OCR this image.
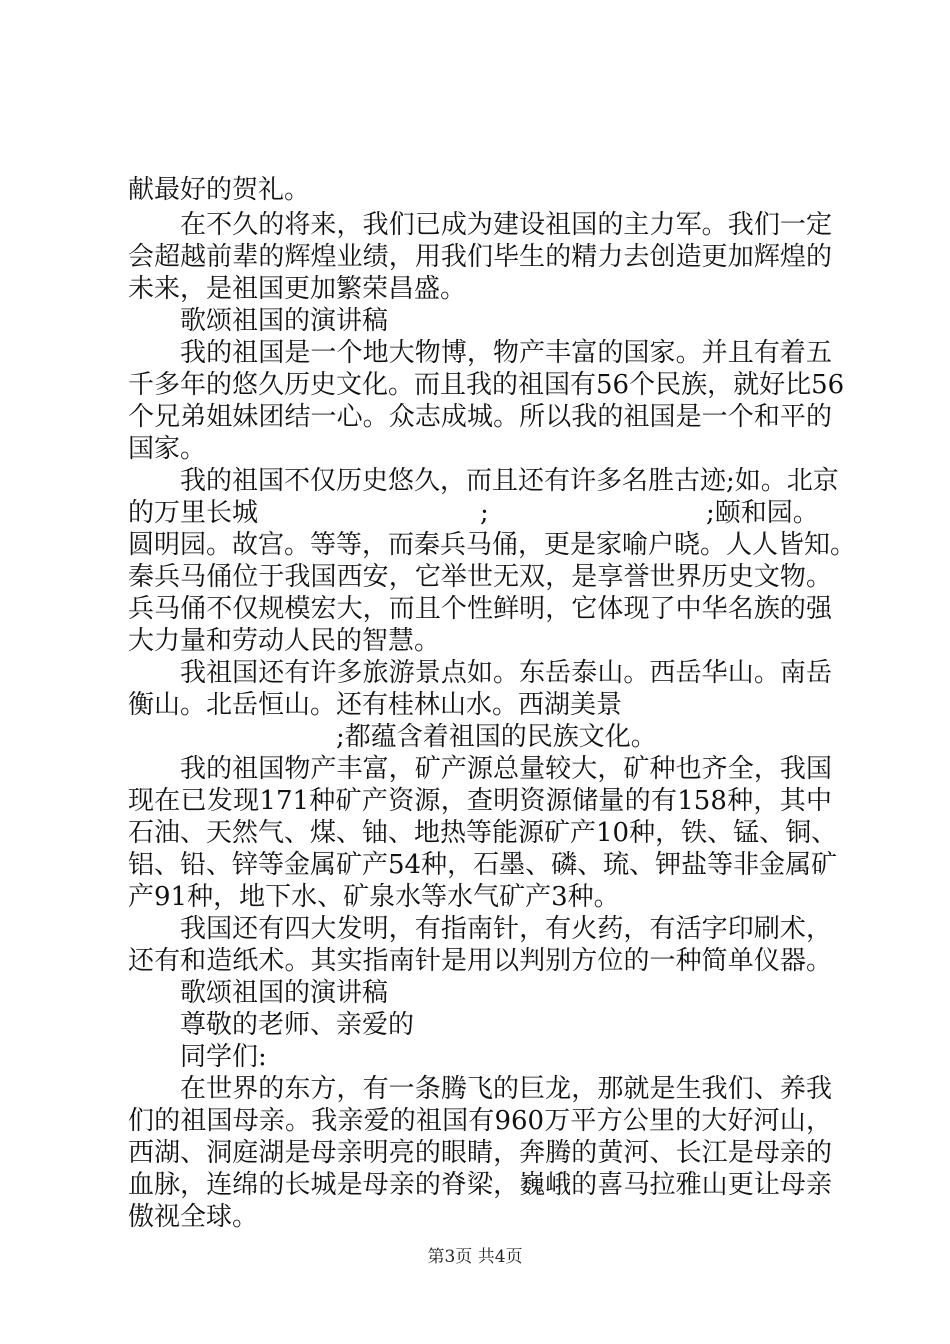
献最好的贺礼。
在不久的将来，我们已成为建设祖国的主力军。我们一定
会超越前辈的辉煌业绩，用我们毕生的精力去创造更加辉煌的
未来，是祖国更加繁荣昌盛。
歌颂祖国的演讲稿
我的祖国是一个地大物博，物产丰富的国家。并且有着五
千多年的悠久历史文化。而且我的祖国有56个民族，就好比56
个兄弟姐妹团结一心。众志成城。所以我的祖国是一个和平的
国家。
我的祖国不仅历史悠久，而且还有许多名胜古迹;如。北京
的万里长城	;	;颐和园。
圆明园。故宫。等等，而秦兵马俑，更是家喻户晓。人人皆知。
秦兵马俑位于我国西安，它举世无双，是享誉世界历史文物。
兵马俑不仅规模宏大，而且个性鲜明，它体现了中华名族的强
大力量和劳动人民的智慧。
我祖国还有许多旅游景点如。东岳泰山。西岳华山。南岳
衡山。北岳恒山。还有桂林山水。西湖美景
;都蕴含着祖国的民族文化。
我的祖国物产丰富，矿产源总量较大，矿种也齐全，我国
现在已发现171种矿产资源，查明资源储量的有158种，其中
石油、天然气、煤、铀、地热等能源矿产10种，铁、锰、铜、
铝、铅、锌等金属矿产54种，石墨、磷、琉、钾盐等非金属矿
产91种，地下水、矿泉水等水气矿产3种。
我国还有四大发明，有指南针，有火药，有活字印刷术，
还有和造纸术。其实指南针是用以判别方位的一种简单仪器。
歌颂祖国的演讲稿
尊敬的老师、亲爱的
同学们:
在世界的东方，有一条腾飞的巨龙，那就是生我们、养我
们的祖国母亲。我亲爱的祖国有960万平方公里的大好河山，
西湖、洞庭湖是母亲明亮的眼睛，奔腾的黄河、长江是母亲的
血脉，连绵的长城是母亲的脊梁，巍峨的喜马拉雅山更让母亲
傲视全球。
第3页 共4页
